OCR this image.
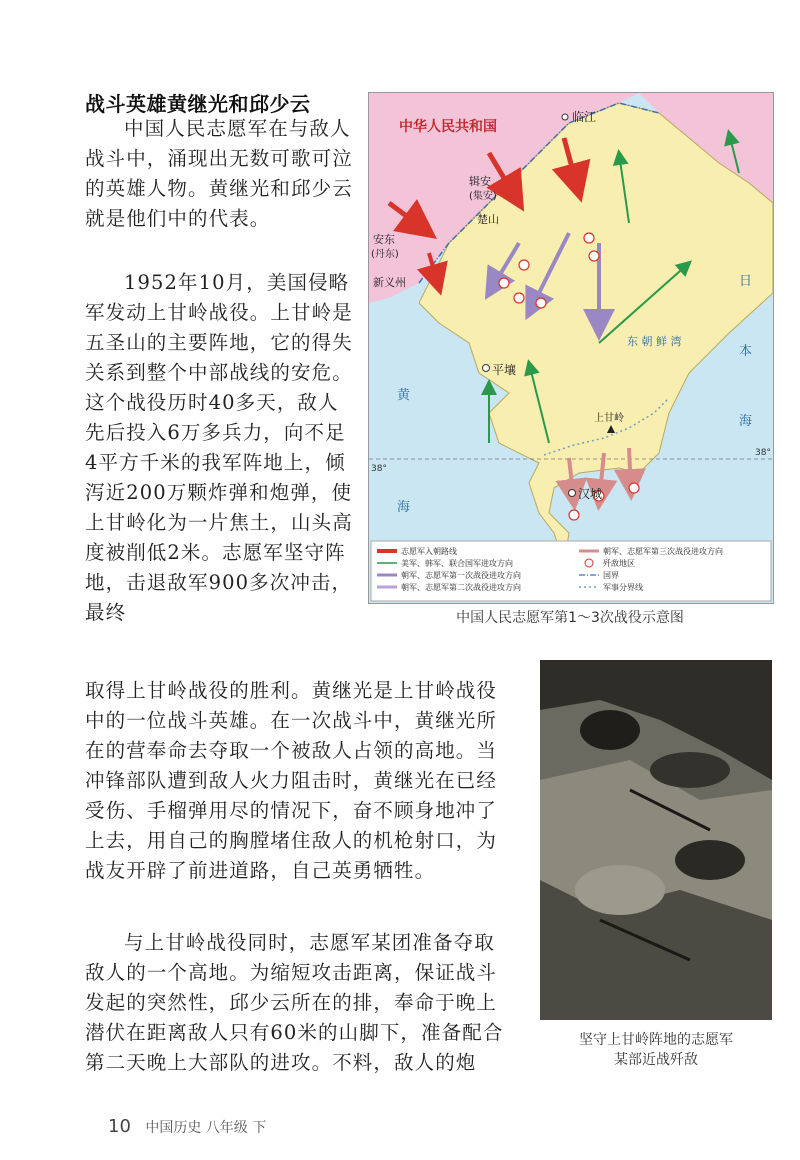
战斗英雄黄继光和邱少云

中国人民志愿军在与敌人战斗中，涌现出无数可歌可泣的英雄人物。黄继光和邱少云就是他们中的代表。

1952年10月，美国侵略军发动上甘岭战役。上甘岭是五圣山的主要阵地，它的得失关系到整个中部战线的安危。这个战役历时40多天，敌人先后投入6万多兵力，向不足4平方千米的我军阵地上，倾泻近200万颗炸弹和炮弹，使上甘岭化为一片焦土，山头高度被削低2米。志愿军坚守阵地，击退敌军900多次冲击，最终

取得上甘岭战役的胜利。黄继光是上甘岭战役中的一位战斗英雄。在一次战斗中，黄继光所在的营奉命去夺取一个被敌人占领的高地。当冲锋部队遭到敌人火力阻击时，黄继光在已经受伤、手榴弹用尽的情况下，奋不顾身地冲了上去，用自己的胸膛堵住敌人的机枪射口，为战友开辟了前进道路，自己英勇牺牲。

与上甘岭战役同时，志愿军某团准备夺取敌人的一个高地。为缩短攻击距离，保证战斗发起的突然性，邱少云所在的排，奉命于晚上潜伏在距离敌人只有60米的山脚下，准备配合第二天晚上大部队的进攻。不料，敌人的炮

中华人民共和国
临江
辑安
(集安)
楚山
安东
(丹东)
新义州
黄
海
平壤
汉城
上甘岭
38°
38°
东 朝 鲜 湾
日
本
海
志愿军入朝路线
美军、韩军、联合国军进攻方向
朝军、志愿军第一次战役进攻方向
朝军、志愿军第二次战役进攻方向
朝军、志愿军第三次战役进攻方向
歼敌地区
国界
军事分界线
中国人民志愿军第1～3次战役示意图
坚守上甘岭阵地的志愿军
某部近战歼敌
10 中国历史 八年级 下
